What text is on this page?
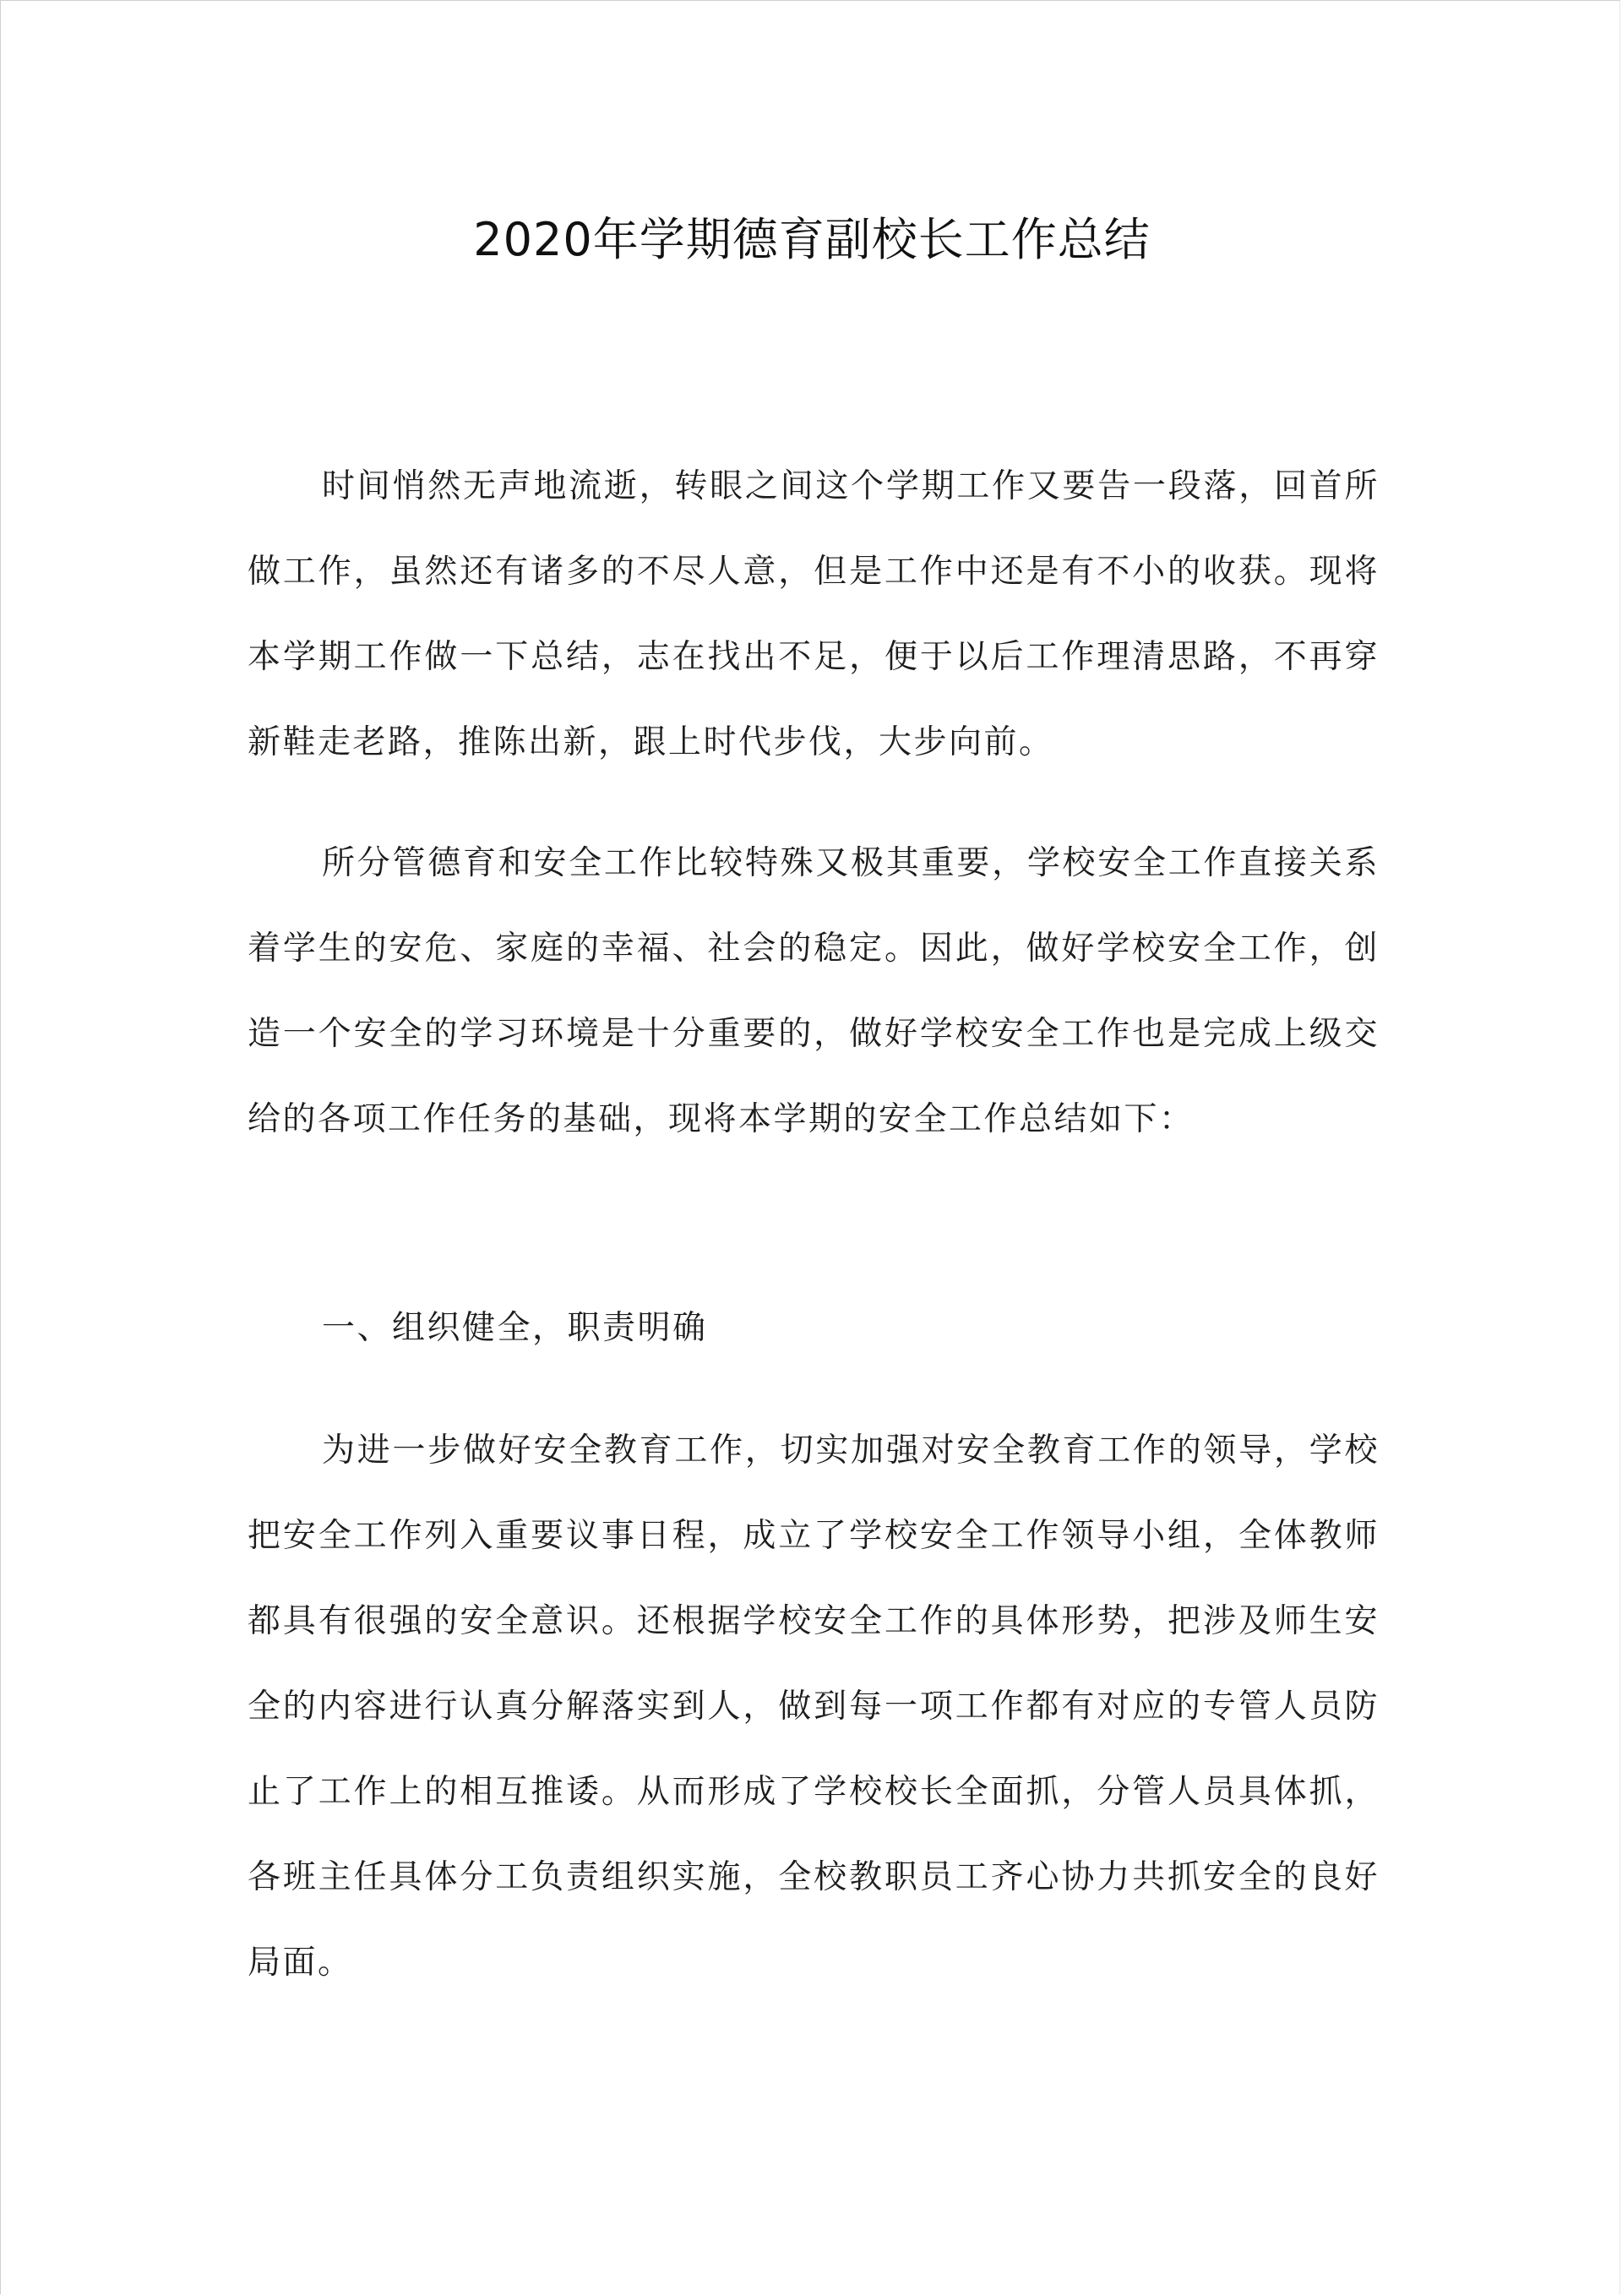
2020年学期德育副校长工作总结

时间悄然无声地流逝，转眼之间这个学期工作又要告一段落，回首所做工作，虽然还有诸多的不尽人意，但是工作中还是有不小的收获。现将本学期工作做一下总结，志在找出不足，便于以后工作理清思路，不再穿新鞋走老路，推陈出新，跟上时代步伐，大步向前。

所分管德育和安全工作比较特殊又极其重要，学校安全工作直接关系着学生的安危、家庭的幸福、社会的稳定。因此，做好学校安全工作，创造一个安全的学习环境是十分重要的，做好学校安全工作也是完成上级交给的各项工作任务的基础，现将本学期的安全工作总结如下：

一、组织健全，职责明确

为进一步做好安全教育工作，切实加强对安全教育工作的领导，学校把安全工作列入重要议事日程，成立了学校安全工作领导小组，全体教师都具有很强的安全意识。还根据学校安全工作的具体形势，把涉及师生安全的内容进行认真分解落实到人，做到每一项工作都有对应的专管人员防止了工作上的相互推诿。从而形成了学校校长全面抓，分管人员具体抓，各班主任具体分工负责组织实施，全校教职员工齐心协力共抓安全的良好局面。
